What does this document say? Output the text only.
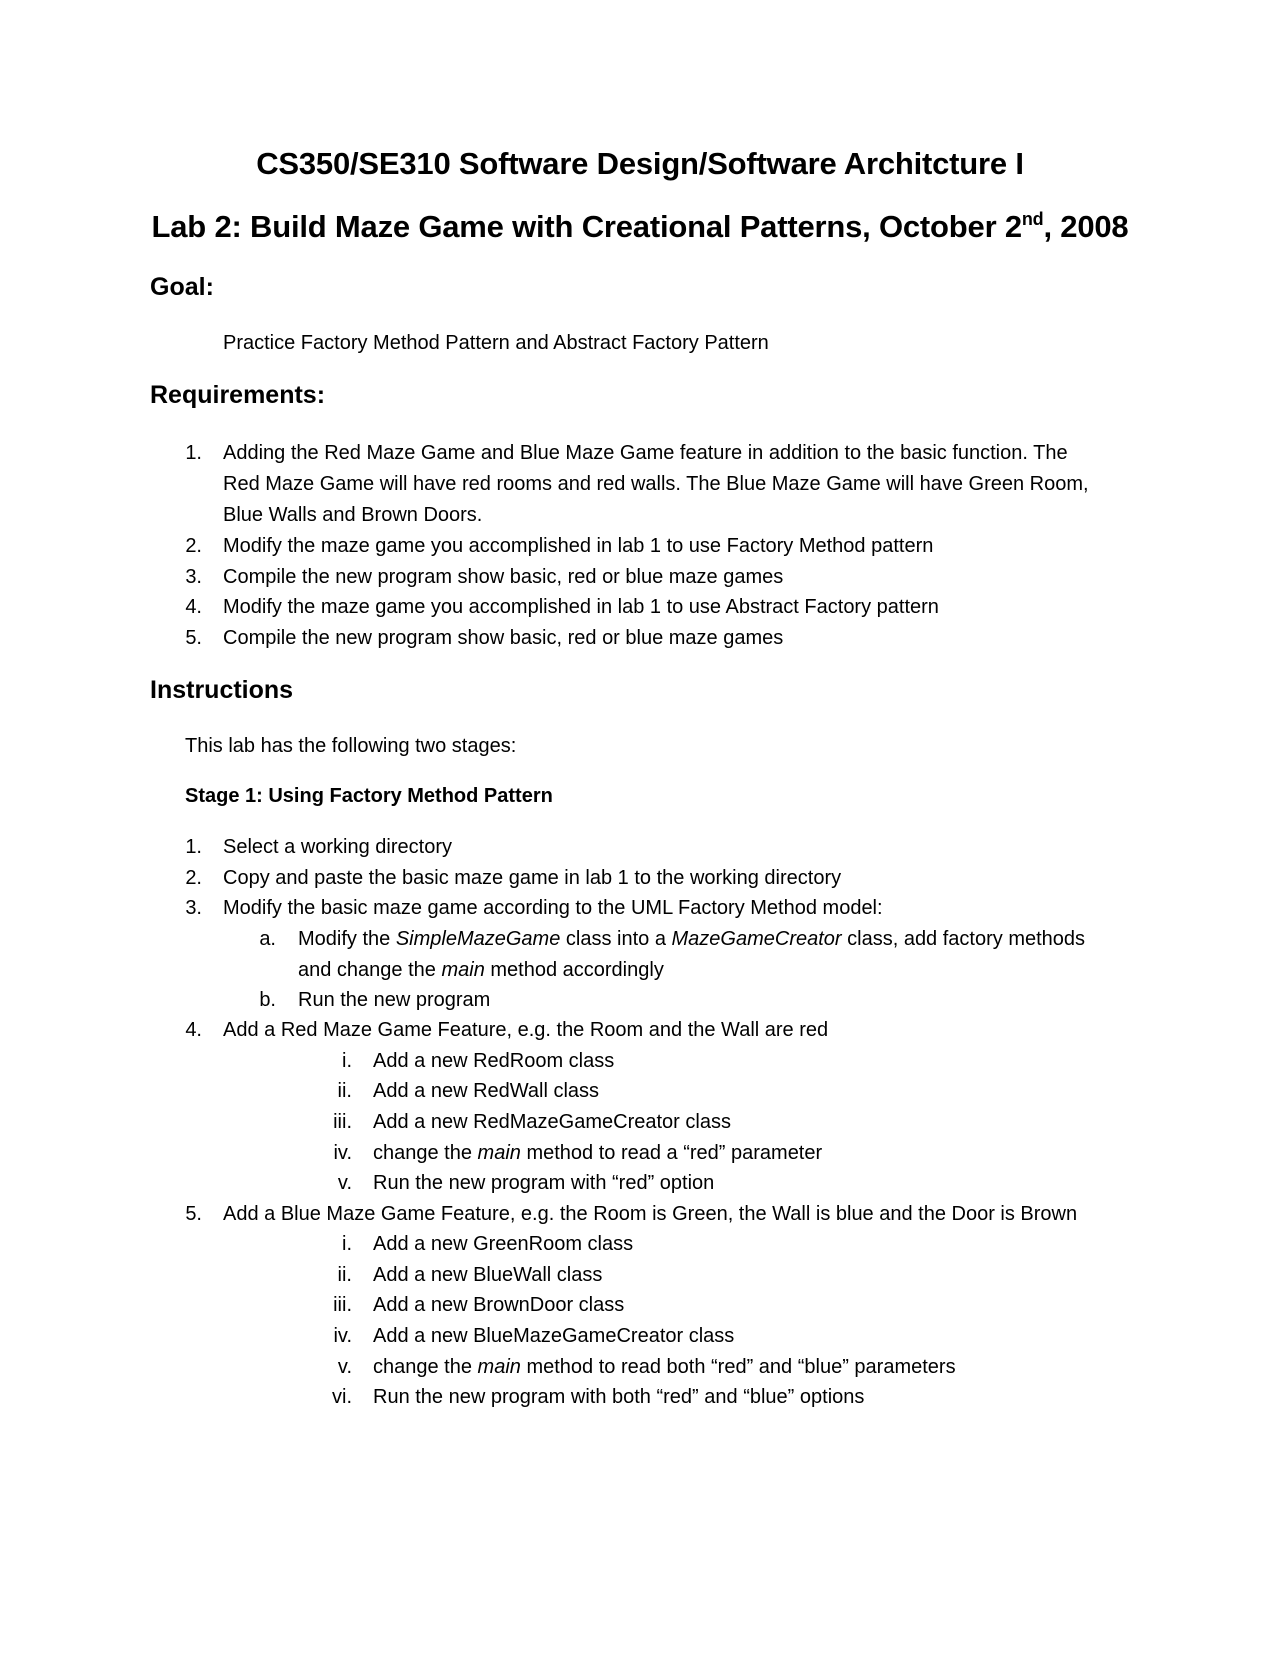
CS350/SE310 Software Design/Software Architcture I
Lab 2: Build Maze Game with Creational Patterns, October 2nd, 2008
Goal:

Practice Factory Method Pattern and Abstract Factory Pattern

Requirements:
1. Adding the Red Maze Game and Blue Maze Game feature in addition to the basic function. The
Red Maze Game will have red rooms and red walls. The Blue Maze Game will have Green Room,
Blue Walls and Brown Doors.
2. Modify the maze game you accomplished in lab 1 to use Factory Method pattern
3. Compile the new program show basic, red or blue maze games
4. Modify the maze game you accomplished in lab 1 to use Abstract Factory pattern
5. Compile the new program show basic, red or blue maze games
Instructions

This lab has the following two stages:

Stage 1: Using Factory Method Pattern

1. Select a working directory
2. Copy and paste the basic maze game in lab 1 to the working directory
3. Modify the basic maze game according to the UML Factory Method model:
a. Modify the SimpleMazeGame class into a MazeGameCreator class, add factory methods
and change the main method accordingly
b. Run the new program
4. Add a Red Maze Game Feature, e.g. the Room and the Wall are red
i. Add a new RedRoom class
ii. Add a new RedWall class
iii. Add a new RedMazeGameCreator class
iv. change the main method to read a “red” parameter
v. Run the new program with “red” option
5. Add a Blue Maze Game Feature, e.g. the Room is Green, the Wall is blue and the Door is Brown
i. Add a new GreenRoom class
ii. Add a new BlueWall class
iii. Add a new BrownDoor class
iv. Add a new BlueMazeGameCreator class
v. change the main method to read both “red” and “blue” parameters
vi. Run the new program with both “red” and “blue” options
